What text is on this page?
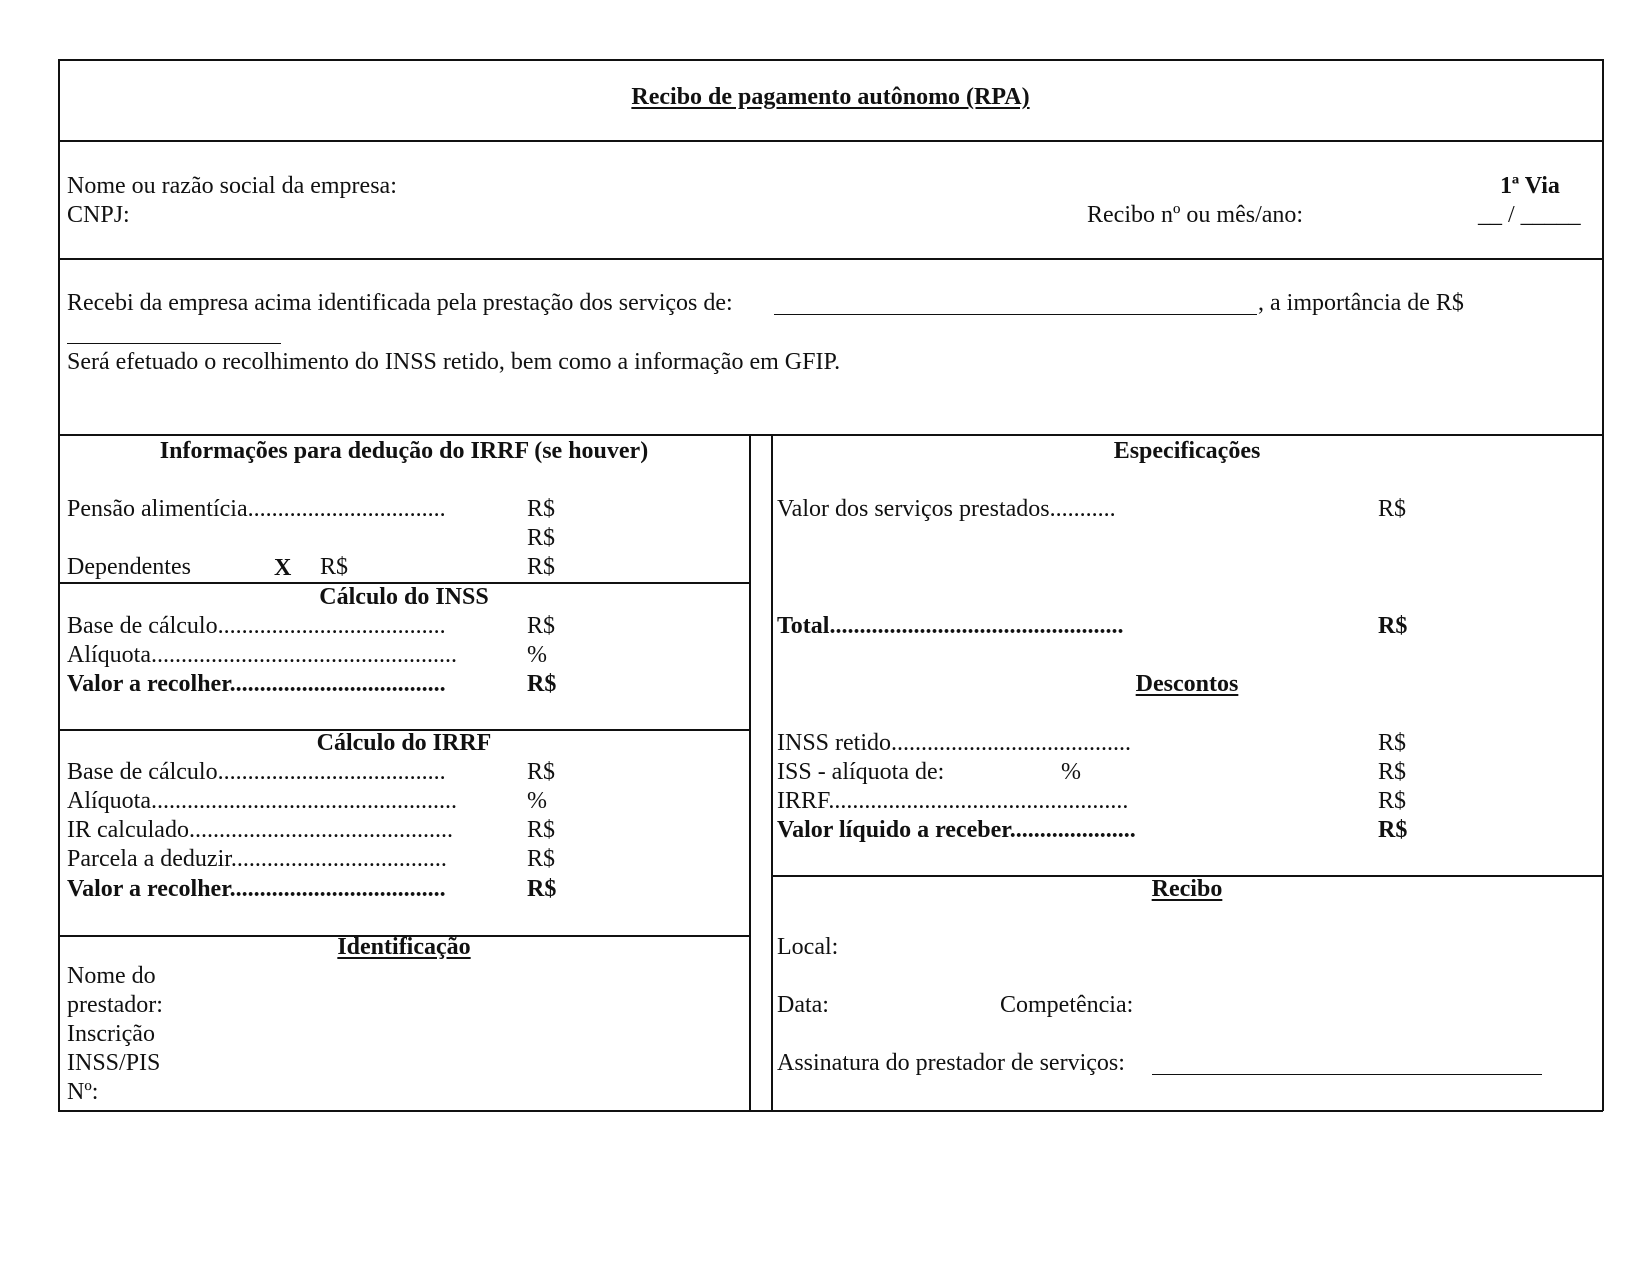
Recibo de pagamento autônomo (RPA)
Nome ou razão social da empresa:
CNPJ:
1ª Via
Recibo nº ou mês/ano:	__ / _____
Recebi da empresa acima identificada pela prestação dos serviços de:	, a importância de R$
Será efetuado o recolhimento do INSS retido, bem como a informação em GFIP.
Informações para dedução do IRRF (se houver)
Pensão alimentícia.................................	R$
R$
Dependentes	X R$	R$
Cálculo do INSS
Base de cálculo......................................	R$
Alíquota...................................................	%
Valor a recolher....................................	R$
Cálculo do IRRF
Base de cálculo......................................	R$
Alíquota...................................................	%
IR calculado............................................	R$
Parcela a deduzir....................................	R$
Valor a recolher....................................	R$
Identificação
Nome do
prestador:
Inscrição
INSS/PIS
Nº:
Especificações
Valor dos serviços prestados...........	R$
Total.................................................	R$
Descontos
INSS retido........................................	R$
ISS - alíquota de:	%	R$
IRRF..................................................	R$
Valor líquido a receber.....................	R$
Recibo
Local:
Data:	Competência:
Assinatura do prestador de serviços:
